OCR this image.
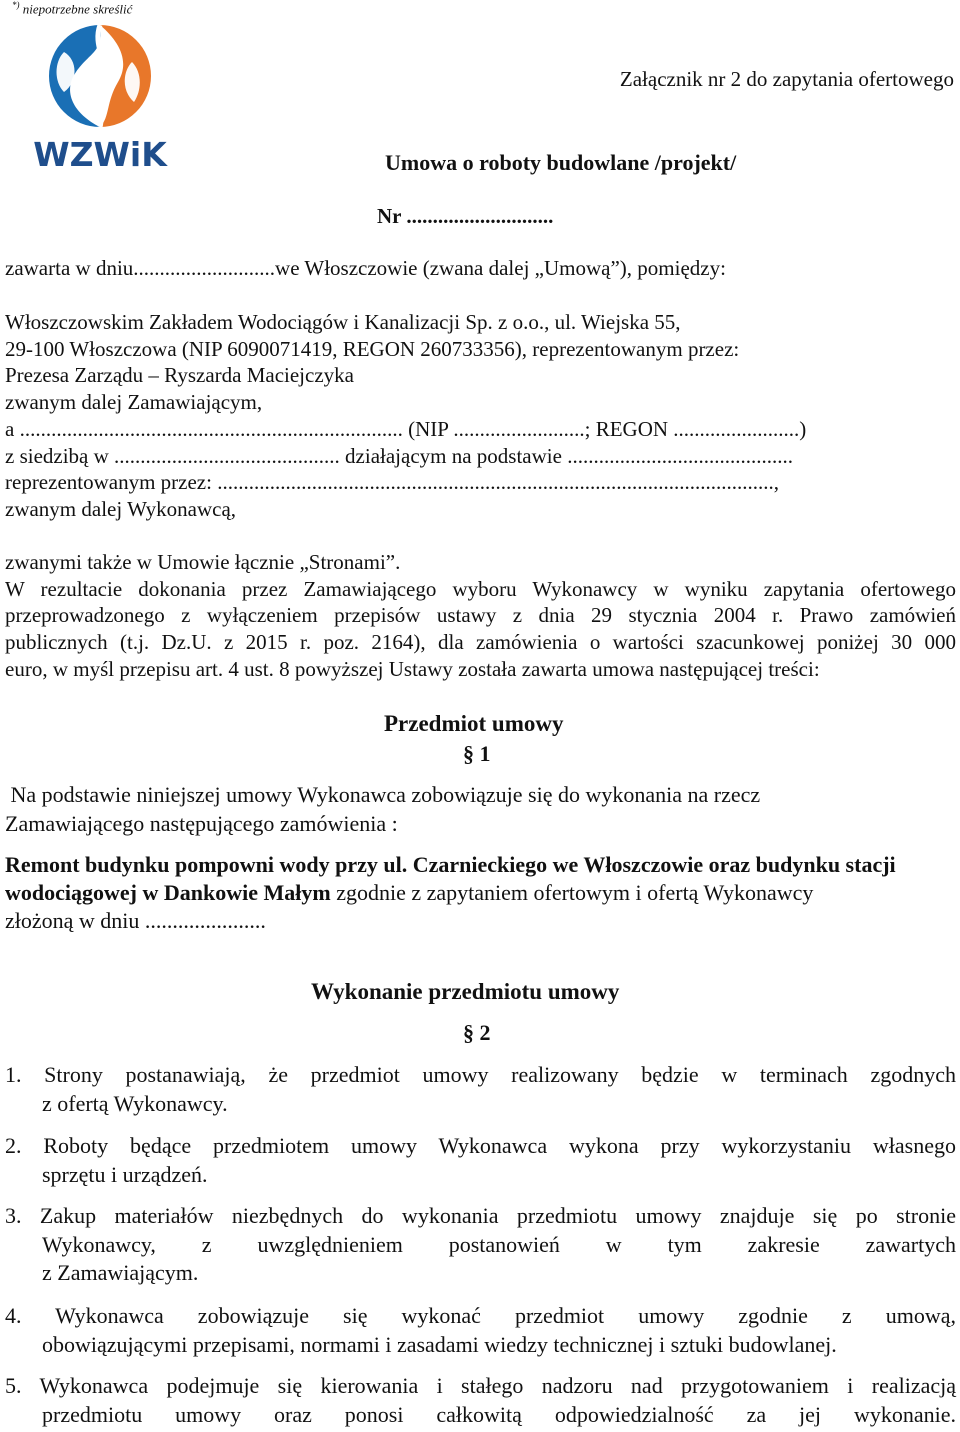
*) niepotrzebne skreślić
WZWiK
Załącznik nr 2 do zapytania ofertowego
Umowa o roboty budowlane /projekt/
Nr ............................
zawarta w dniu...........................we Włoszczowie (zwana dalej „Umową”), pomiędzy:
Włoszczowskim Zakładem Wodociągów i Kanalizacji Sp. z o.o., ul. Wiejska 55,
29-100 Włoszczowa (NIP 6090071419, REGON 260733356), reprezentowanym przez:
Prezesa Zarządu – Ryszarda Maciejczyka
zwanym dalej Zamawiającym,
a ......................................................................... (NIP .........................; REGON ........................)
z siedzibą w ........................................... działającym na podstawie ...........................................
reprezentowanym przez: ..........................................................................................................,
zwanym dalej Wykonawcą,
zwanymi także w Umowie łącznie „Stronami”.
W rezultacie dokonania przez Zamawiającego wyboru Wykonawcy w wyniku zapytania ofertowego
przeprowadzonego z wyłączeniem przepisów ustawy z dnia 29 stycznia 2004 r. Prawo zamówień
publicznych (t.j. Dz.U. z 2015 r. poz. 2164), dla zamówienia o wartości szacunkowej poniżej 30 000
euro, w myśl przepisu art. 4 ust. 8 powyższej Ustawy została zawarta umowa następującej treści:
Przedmiot umowy
§ 1
Na podstawie niniejszej umowy Wykonawca zobowiązuje się do wykonania na rzecz
Zamawiającego następującego zamówienia :
Remont budynku pompowni wody przy ul. Czarnieckiego we Włoszczowie oraz budynku stacji
wodociągowej w Dankowie Małym zgodnie z zapytaniem ofertowym i ofertą Wykonawcy
złożoną w dniu ......................
Wykonanie przedmiotu umowy
§ 2
1. Strony postanawiają, że przedmiot umowy realizowany będzie w terminach zgodnych
z ofertą Wykonawcy.
2. Roboty będące przedmiotem umowy Wykonawca wykona przy wykorzystaniu własnego
sprzętu i urządzeń.
3. Zakup materiałów niezbędnych do wykonania przedmiotu umowy znajduje się po stronie
Wykonawcy, z uwzględnieniem postanowień w tym zakresie zawartych
z Zamawiającym.
4. Wykonawca zobowiązuje się wykonać przedmiot umowy zgodnie z umową,
obowiązującymi przepisami, normami i zasadami wiedzy technicznej i sztuki budowlanej.
5. Wykonawca podejmuje się kierowania i stałego nadzoru nad przygotowaniem i realizacją
przedmiotu umowy oraz ponosi całkowitą odpowiedzialność za jej wykonanie.
